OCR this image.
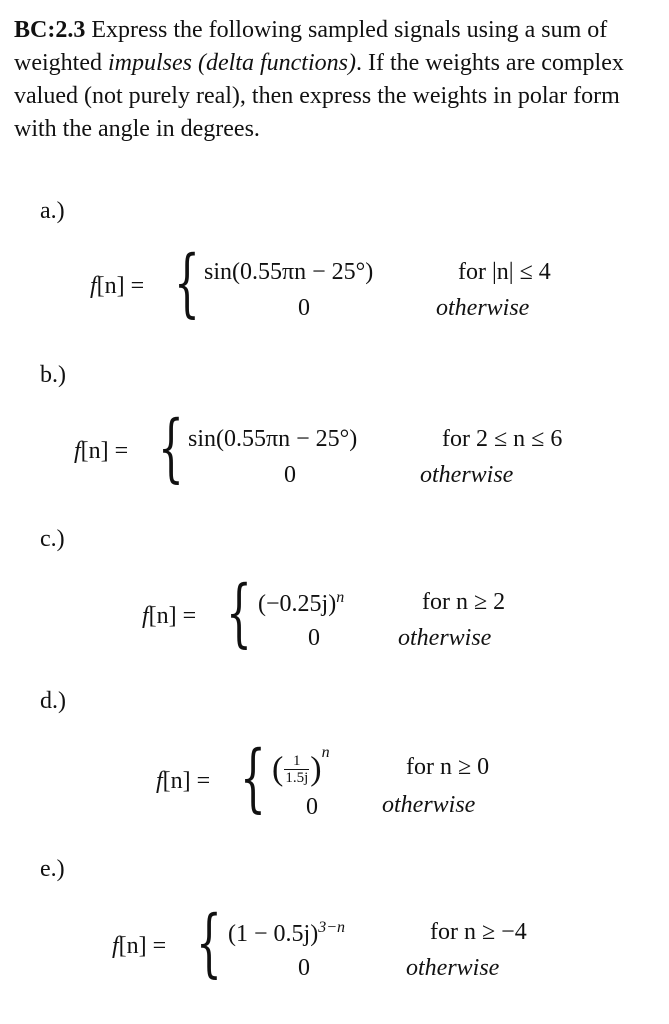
BC:2.3 Express the following sampled signals using a sum of weighted impulses (delta functions). If the weights are complex valued (not purely real), then express the weights in polar form with the angle in degrees.
a.)
f[n] = { sin(0.55πn − 25°)
0
for |n| ≤ 4
otherwise
b.)
f[n] = { sin(0.55πn − 25°)
0
for 2 ≤ n ≤ 6
otherwise
c.)
f[n] = { $(-0.25j)^n$
0
for n ≥ 2
otherwise
d.)
f[n] = { ( $\frac{1}{1.5j} )^n$
0
for n ≥ 0
otherwise
e.)
f[n] = { $(1 - 0.5j)^{3-n}$
0
for n ≥ −4
otherwise
